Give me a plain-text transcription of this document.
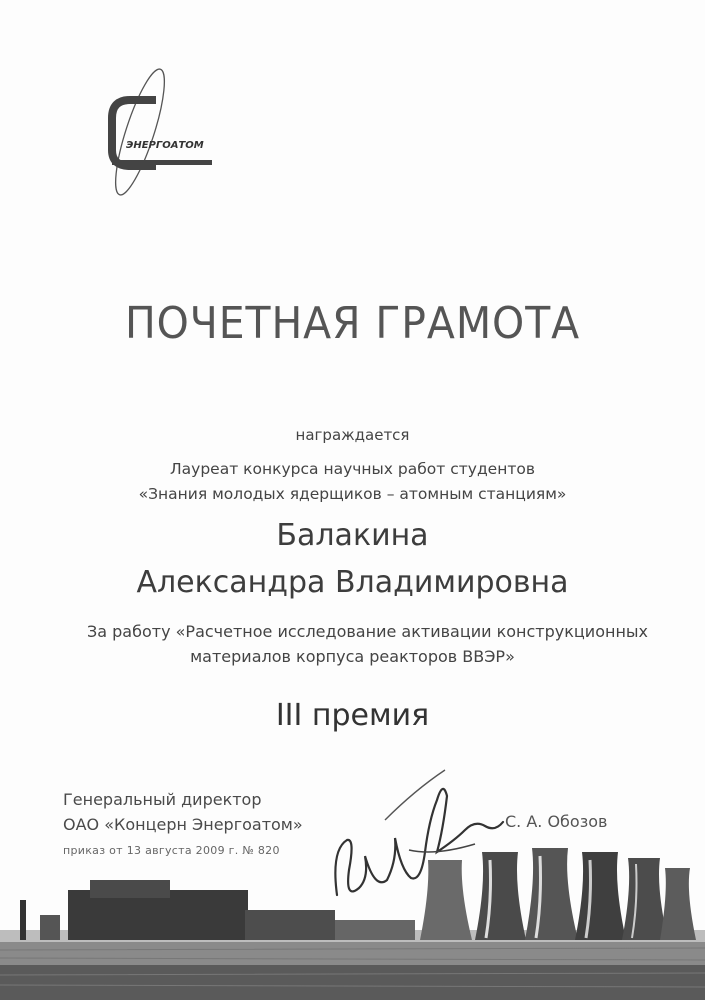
ЭНЕРГОАТОМ
ПОЧЕТНАЯ ГРАМОТА
награждается
Лауреат конкурса научных работ студентов
«Знания молодых ядерщиков – атомным станциям»
Балакина
Александра Владимировна
За работу «Расчетное исследование активации конструкционных
материалов корпуса реакторов ВВЭР»
III премия
Генеральный директор
ОАО «Концерн Энергоатом»
приказ от 13 августа 2009 г. № 820
С. А. Обозов
